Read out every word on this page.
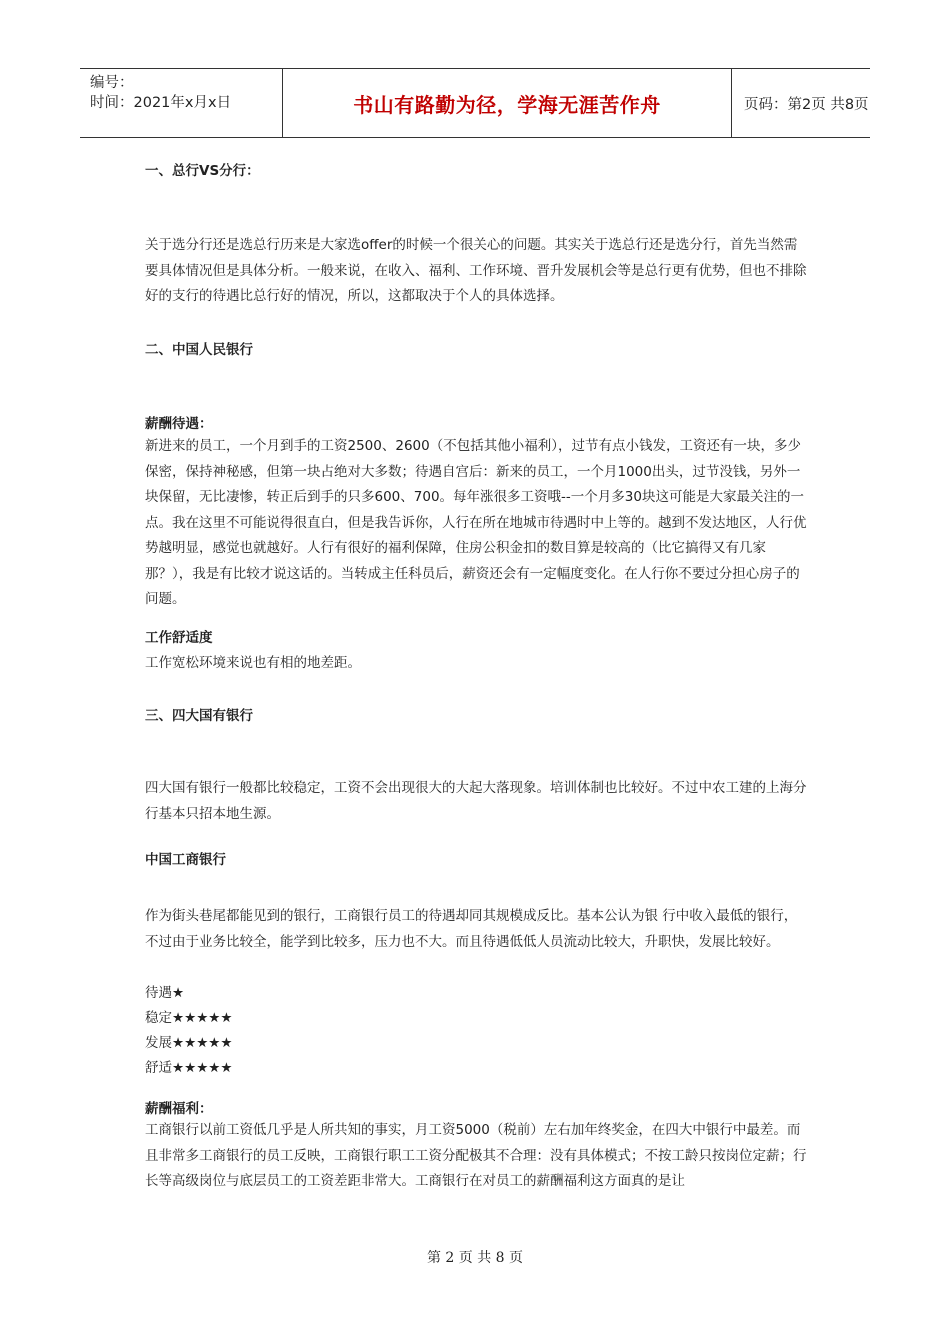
编号：
时间：2021年x月x日	书山有路勤为径，学海无涯苦作舟	页码：第2页 共8页
一、总行VS分行：
关于选分行还是选总行历来是大家选offer的时候一个很关心的问题。其实关于选总行还是选分行，首先当然需要具体情况但是具体分析。一般来说，在收入、福利、工作环境、晋升发展机会等是总行更有优势，但也不排除好的支行的待遇比总行好的情况，所以，这都取决于个人的具体选择。
二、中国人民银行
薪酬待遇：
新进来的员工，一个月到手的工资2500、2600（不包括其他小福利），过节有点小钱发，工资还有一块，多少保密，保持神秘感，但第一块占绝对大多数；待遇自宫后：新来的员工，一个月1000出头，过节没钱，另外一块保留，无比凄惨，转正后到手的只多600、700。每年涨很多工资哦--一个月多30块这可能是大家最关注的一点。我在这里不可能说得很直白，但是我告诉你，人行在所在地城市待遇时中上等的。越到不发达地区，人行优势越明显，感觉也就越好。人行有很好的福利保障，住房公积金扣的数目算是较高的（比它搞得又有几家那？），我是有比较才说这话的。当转成主任科员后，薪资还会有一定幅度变化。在人行你不要过分担心房子的问题。
工作舒适度
工作宽松环境来说也有相的地差距。
三、四大国有银行
四大国有银行一般都比较稳定，工资不会出现很大的大起大落现象。培训体制也比较好。不过中农工建的上海分行基本只招本地生源。
中国工商银行
作为街头巷尾都能见到的银行，工商银行员工的待遇却同其规模成反比。基本公认为银 行中收入最低的银行，不过由于业务比较全，能学到比较多，压力也不大。而且待遇低低人员流动比较大，升职快，发展比较好。
待遇★
稳定★★★★★
发展★★★★★
舒适★★★★★
薪酬福利：
工商银行以前工资低几乎是人所共知的事实，月工资5000（税前）左右加年终奖金，在四大中银行中最差。而且非常多工商银行的员工反映，工商银行职工工资分配极其不合理：没有具体模式；不按工龄只按岗位定薪；行长等高级岗位与底层员工的工资差距非常大。工商银行在对员工的薪酬福利这方面真的是让
第 2 页 共 8 页
